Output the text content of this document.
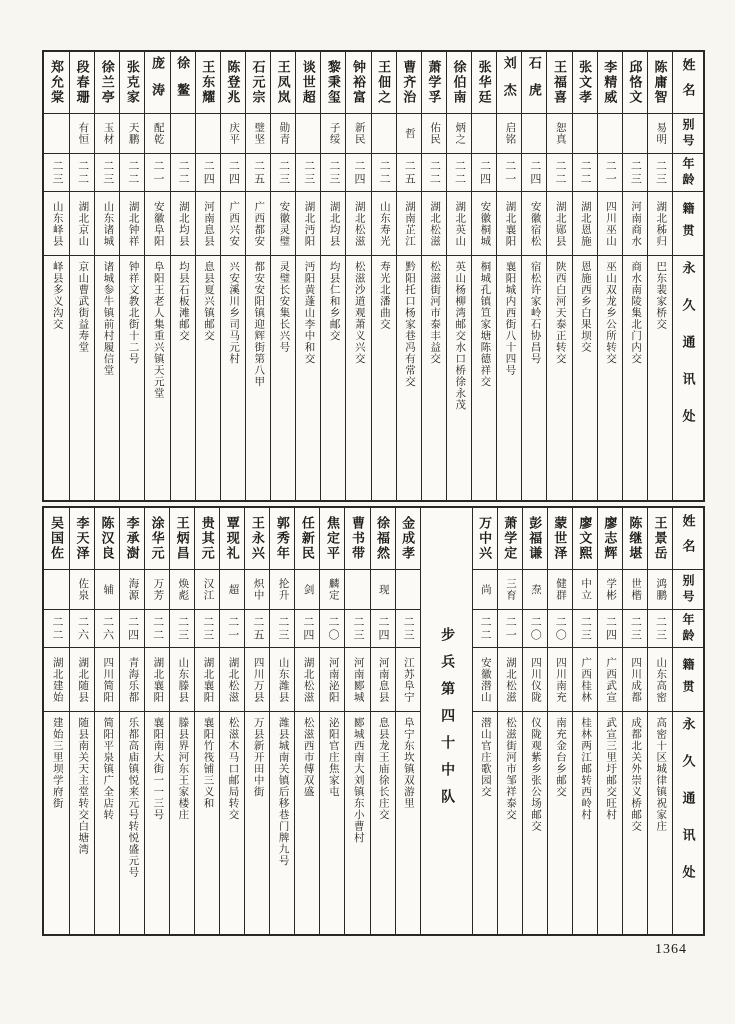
姓名
别号
年龄
籍贯
永久通讯处
陈庸智
易明
二三
湖北秭归
巴东裴家桥交
邱恪文
二三
河南商水
商水南陵集北门内交
李精威
二一
四川巫山
巫山双龙乡公所转交
张文孝
二二
湖北恩施
恩施西乡白果坝交
王福喜
恕真
二二
湖北郧县
陕西白河天泰正转交
石虎
二四
安徽宿松
宿松许家岭石协昌号
刘杰
启铭
二一
湖北襄阳
襄阳城内西街八十四号
张华廷
二四
安徽桐城
桐城孔镇笪家塘陈德祥交
徐伯南
炳之
二二
湖北英山
英山杨柳湾邮交水口桥徐永茂
萧学孚
佑民
二二
湖北松滋
松滋街河市泰丰益交
曹齐治
哲
二五
湖南芷江
黔阳托口杨家巷冯有常交
王佃之
二二
山东寿光
寿光北潘曲交
钟裕富
新民
二四
湖北松滋
松滋沙道观萧义兴交
黎秉玺
子绥
二三
湖北均县
均县仁和乡邮交
谈世超
二三
湖北沔阳
沔阳黄蓬山李中和交
王凤岚
勋青
二三
安徽灵璧
灵璧长安集长兴号
石元宗
璧坚
二五
广西都安
都安安阳镇迎辉街第八甲
陈登兆
庆平
二四
广西兴安
兴安溪川乡司马元村
王东耀
二四
河南息县
息县夏兴镇邮交
徐鳌
二二
湖北均县
均县石板滩邮交
庞涛
配乾
二一
安徽阜阳
阜阳王老人集重兴镇天元堂
张克家
天鹏
二二
湖北钟祥
钟祥文教北街十二号
徐兰亭
玉材
二三
山东诸城
诸城参牛镇前村履信堂
段春珊
有恒
二二
湖北京山
京山曹武街益寿堂
郑允棠
二三
山东峄县
峄县多义沟交
姓名
别号
年龄
籍贯
永久通讯处
王景岳
鸿鹏
二三
山东高密
高密十区城律镇祝家庄
陈继堪
世楷
二三
四川成都
成都北关外崇义桥邮交
廖志辉
学彬
二四
广西武宣
武宣三里圩邮交旺村
廖文熙
中立
二三
广西桂林
桂林两江邮转西岭村
蒙世泽
健群
二〇
四川南充
南充金台乡邮交
彭福谦
焘
二〇
四川仪陇
仪陇观紫乡张公场邮交
萧学定
三育
二一
湖北松滋
松滋街河市邹祥泰交
万中兴
尚
二二
安徽潜山
潜山官庄歌园交
步兵第四十中队
金成孝
二三
江苏阜宁
阜宁东坎镇双游里
徐福然
现
二四
河南息县
息县龙王庙徐长庄交
曹书带
二三
河南郾城
郾城西南大刘镇东小曹村
焦定平
麟定
二〇
河南泌阳
泌阳官庄焦家屯
任新民
剑
二四
湖北松滋
松滋西市傅双盛
郭秀年
抡升
二三
山东潍县
潍县城南关镇后移巷门牌九号
王永兴
炽中
二五
四川万县
万县新开田中街
覃现礼
超
二一
湖北松滋
松滋木马口邮局转交
贵其元
汉江
二三
湖北襄阳
襄阳竹筏铺三义和
王炳昌
焕彪
二三
山东滕县
滕县界河东王家楼庄
涂华元
万芳
二二
湖北襄阳
襄阳南大街一一三号
李承澍
海源
二四
青海乐都
乐都高庙镇悦来元号转悦盛元号
陈汉良
辅
二六
四川简阳
简阳平泉镇广全店转
李天泽
佐泉
二六
湖北随县
随县南关天主堂转交白塘湾
吴国佐
二二
湖北建始
建始三里坝学府街
1364
